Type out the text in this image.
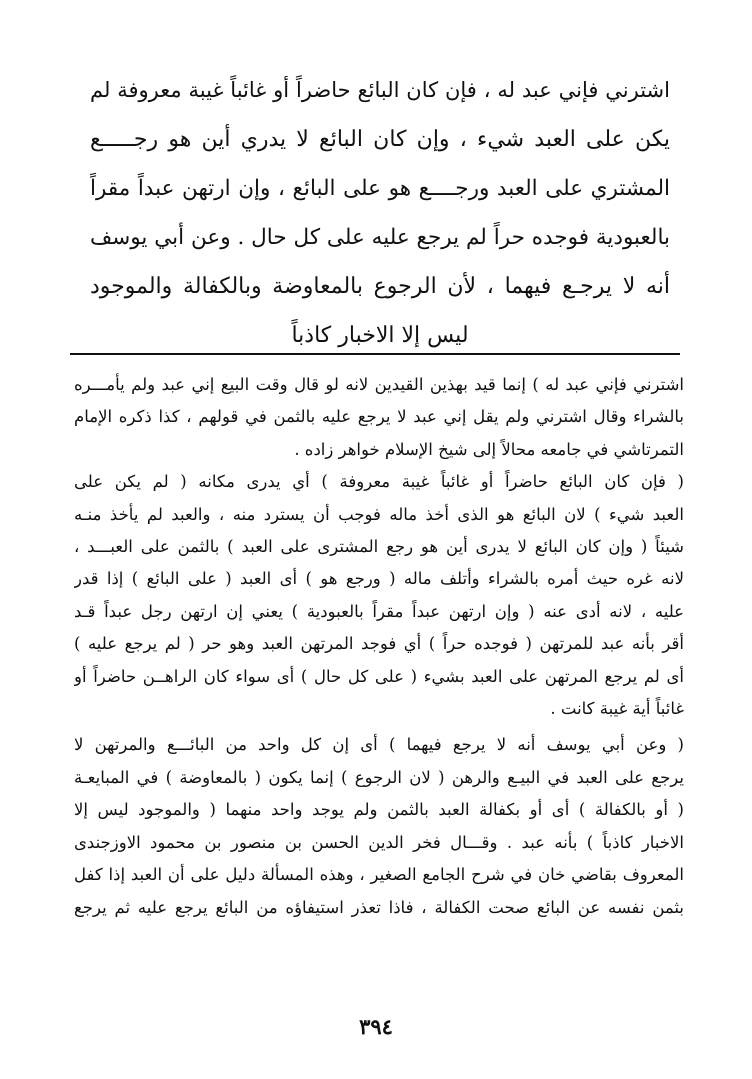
اشترني فإني عبد له ، فإن كان البائع حاضراً أو غائباً غيبة معروفة لم
يكن على العبد شيء ، وإن كان البائع لا يدري أين هو رجـــــع
المشتري على العبد ورجــــع هو على البائع ، وإن ارتهن عبداً مقراً
بالعبودية فوجده حراً لم يرجع عليه على كل حال . وعن أبي يوسف
أنه لا يرجـع فيهما ، لأن الرجوع بالمعاوضة وبالكفالة والموجود
ليس إلا الاخبار كاذباً
اشترني فإني عبد له ) إنما قيد بهذين القيدين لانه لو قال وقت البيع إني عبد ولم يأمـــره
بالشراء وقال اشترني ولم يقل إني عبد لا يرجع عليه بالثمن في قولهم ، كذا ذكره الإمام
التمرتاشي في جامعه محالاً إلى شيخ الإسلام خواهر زاده .
( فإن كان البائع حاضراً أو غائباً غيبة معروفة ) أي يدرى مكانه ( لم يكن على
العبد شيء ) لان البائع هو الذى أخذ ماله فوجب أن يسترد منه ، والعبد لم يأخذ منـه
شيئاً ( وإن كان البائع لا يدرى أين هو رجع المشترى على العبد ) بالثمن على العبـــد ،
لانه غره حيث أمره بالشراء وأتلف ماله ( ورجع هو ) أى العبد ( على البائع ) إذا قدر
عليه ، لانه أدى عنه ( وإن ارتهن عبداً مقراً بالعبودية ) يعني إن ارتهن رجل عبداً قـد
أقر بأنه عبد للمرتهن ( فوجده حراً ) أي فوجد المرتهن العبد وهو حر ( لم يرجع عليه )
أى لم يرجع المرتهن على العبد بشيء ( على كل حال ) أى سواء كان الراهــن حاضراً أو
غائباً أية غيبة كانت .
( وعن أبي يوسف أنه لا يرجع فيهما ) أى إن كل واحد من البائـــع والمرتهن لا
يرجع على العبد في البيـع والرهن ( لان الرجوع ) إنما يكون ( بالمعاوضة ) في المبايعـة
( أو بالكفالة ) أى أو بكفالة العبد بالثمن ولم يوجد واحد منهما ( والموجود ليس إلا
الاخبار كاذباً ) بأنه عبد . وقـــال فخر الدين الحسن بن منصور بن محمود الاوزجندى
المعروف بقاضي خان في شرح الجامع الصغير ، وهذه المسألة دليل على أن العبد إذا كفل
بثمن نفسه عن البائع صحت الكفالة ، فاذا تعذر استيفاؤه من البائع يرجع عليه ثم يرجع
٣٩٤
